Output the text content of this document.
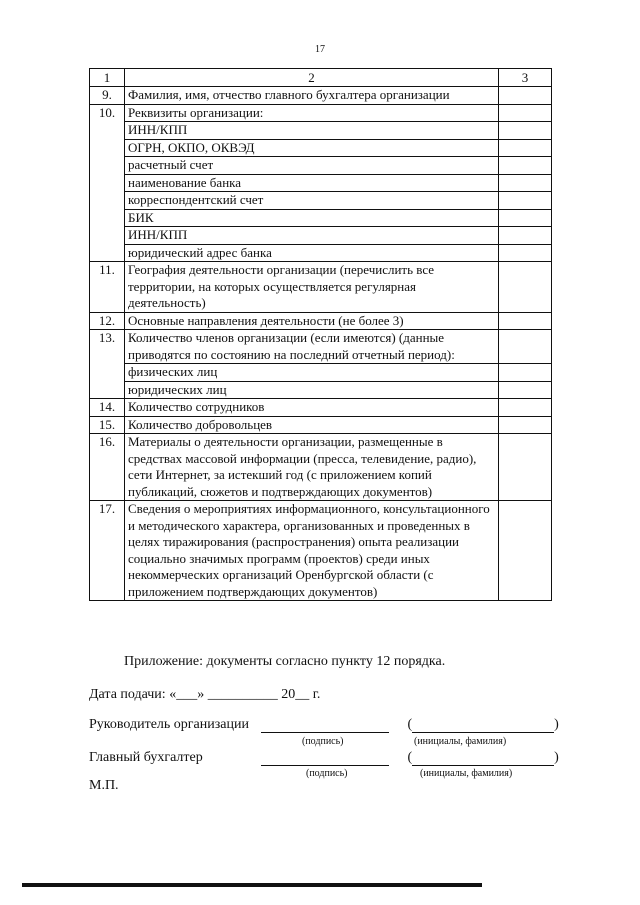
17
1	2	3
9.	Фамилия, имя, отчество главного бухгалтера организации	
10.	Реквизиты организации:	
	ИНН/КПП	
	ОГРН, ОКПО, ОКВЭД	
	расчетный счет	
	наименование банка	
	корреспондентский счет	
	БИК	
	ИНН/КПП	
	юридический адрес банка	
11.	География деятельности организации (перечислить все территории, на которых осуществляется регулярная деятельность)	
12.	Основные направления деятельности (не более 3)	
13.	Количество членов организации (если имеются) (данные приводятся по состоянию на последний отчетный период):	
	физических лиц	
	юридических лиц	
14.	Количество сотрудников	
15.	Количество добровольцев	
16.	Материалы о деятельности организации, размещенные в средствах массовой информации (пресса, телевидение, радио), сети Интернет, за истекший год (с приложением копий публикаций, сюжетов и подтверждающих документов)	
17.	Сведения о мероприятиях информационного, консультационного и методического характера, организованных и проведенных в целях тиражирования (распространения) опыта реализации социально значимых программ (проектов) среди иных некоммерческих организаций Оренбургской области (с приложением подтверждающих документов)	
Приложение: документы согласно пункту 12 порядка.
Дата подачи: «___» __________ 20__ г.
Руководитель организации	(	)
(подпись)	(инициалы, фамилия)
Главный бухгалтер	(	)
(подпись)	(инициалы, фамилия)
М.П.
